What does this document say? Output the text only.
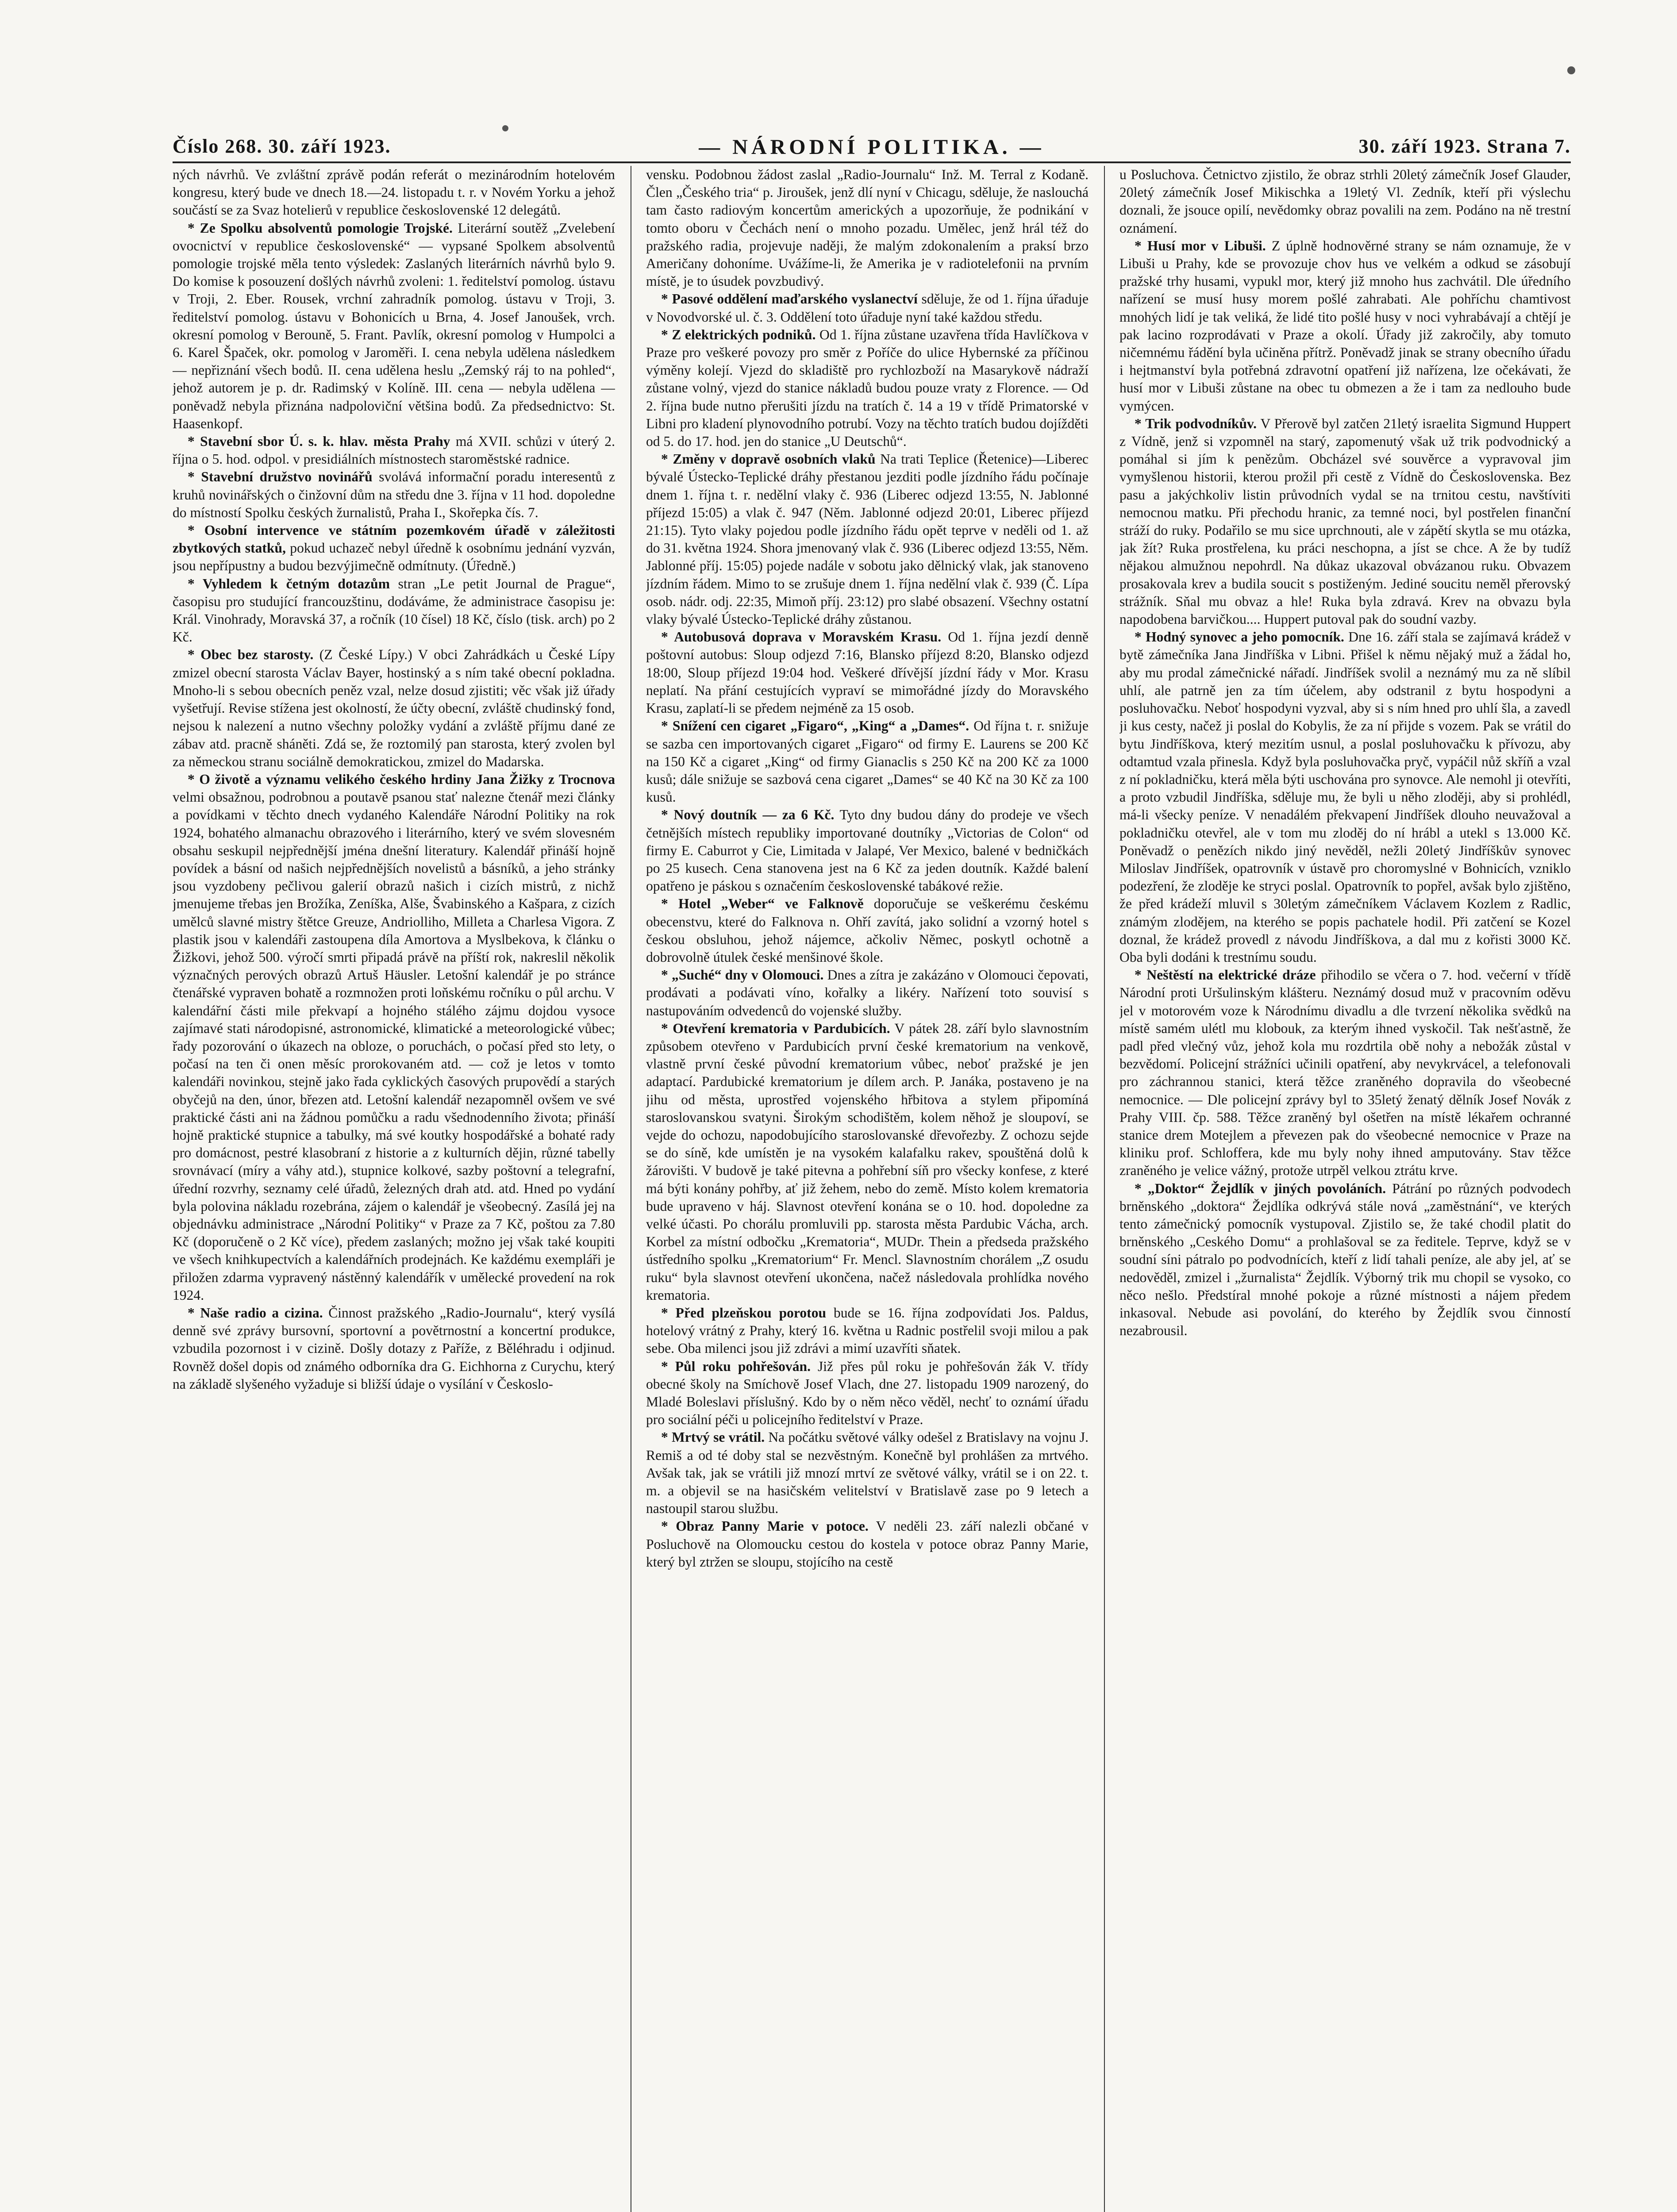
Číslo 268. 30. září 1923.	— NÁRODNÍ POLITIKA. —	30. září 1923. Strana 7.

ných návrhů. Ve zvláštní zprávě podán referát o mezinárodním hotelovém kongresu, který bude ve dnech 18.—24. listopadu t. r. v Novém Yorku a jehož součástí se za Svaz hotelierů v republice československé 12 delegátů.

* Ze Spolku absolventů pomologie Trojské. Literární soutěž „Zvelebení ovocnictví v republice československé“ — vypsané Spolkem absolventů pomologie trojské měla tento výsledek: Zaslaných literárních návrhů bylo 9. Do komise k posouzení došlých návrhů zvoleni: 1. ředitelství pomolog. ústavu v Troji, 2. Eber. Rousek, vrchní zahradník pomolog. ústavu v Troji, 3. ředitelství pomolog. ústavu v Bohonicích u Brna, 4. Josef Janoušek, vrch. okresní pomolog v Berouně, 5. Frant. Pavlík, okresní pomolog v Humpolci a 6. Karel Špaček, okr. pomolog v Jaroměři. I. cena nebyla udělena následkem — nepřiznání všech bodů. II. cena udělena heslu „Zemský ráj to na pohled“, jehož autorem je p. dr. Radimský v Kolíně. III. cena — nebyla udělena — poněvadž nebyla přiznána nadpoloviční většina bodů. Za předsednictvo: St. Haasenkopf.

* Stavební sbor Ú. s. k. hlav. města Prahy má XVII. schůzi v úterý 2. října o 5. hod. odpol. v presidiálních místnostech staroměstské radnice.

* Stavební družstvo novinářů svolává informační poradu interesentů z kruhů novinářských o činžovní dům na středu dne 3. října v 11 hod. dopoledne do místností Spolku českých žurnalistů, Praha I., Skořepka čís. 7.

* Osobní intervence ve státním pozemkovém úřadě v záležitosti zbytkových statků, pokud uchazeč nebyl úředně k osobnímu jednání vyzván, jsou nepřípustny a budou bezvýjimečně odmítnuty. (Úředně.)

* Vyhledem k četným dotazům stran „Le petit Journal de Prague“, časopisu pro studující francouzštinu, dodáváme, že administrace časopisu je: Král. Vinohrady, Moravská 37, a ročník (10 čísel) 18 Kč, číslo (tisk. arch) po 2 Kč.

* Obec bez starosty. (Z České Lípy.) V obci Zahrádkách u České Lípy zmizel obecní starosta Václav Bayer, hostinský a s ním také obecní pokladna. Mnoho-li s sebou obecních peněz vzal, nelze dosud zjistiti; věc však již úřady vyšetřují. Revise stížena jest okolností, že účty obecní, zvláště chudinský fond, nejsou k nalezení a nutno všechny položky vydání a zvláště příjmu dané ze zábav atd. pracně sháněti. Zdá se, že roztomilý pan starosta, který zvolen byl za německou stranu sociálně demokratickou, zmizel do Madarska.

* O životě a významu velikého českého hrdiny Jana Žižky z Trocnova velmi obsažnou, podrobnou a poutavě psanou stať nalezne čtenář mezi články a povídkami v těchto dnech vydaného Kalendáře Národní Politiky na rok 1924, bohatého almanachu obrazového i literárního, který ve svém slovesném obsahu seskupil nejpřednější jména dnešní literatury. Kalendář přináší hojně povídek a básní od našich nejpřednějších novelistů a básníků, a jeho stránky jsou vyzdobeny pečlivou galerií obrazů našich i cizích mistrů, z nichž jmenujeme třebas jen Brožíka, Zeníška, Alše, Švabinského a Kašpara, z cizích umělců slavné mistry štětce Greuze, Andriolliho, Milleta a Charlesa Vigora. Z plastik jsou v kalendáři zastoupena díla Amortova a Myslbekova, k článku o Žižkovi, jehož 500. výročí smrti připadá právě na příští rok, nakreslil několik význačných perových obrazů Artuš Häusler. Letošní kalendář je po stránce čtenářské vypraven bohatě a rozmnožen proti loňskému ročníku o půl archu. V kalendářní části mile překvapí a hojného stálého zájmu dojdou vysoce zajímavé stati národopisné, astronomické, klimatické a meteorologické vůbec; řady pozorování o úkazech na obloze, o poruchách, o počasí před sto lety, o počasí na ten či onen měsíc prorokovaném atd. — což je letos v tomto kalendáři novinkou, stejně jako řada cyklických časových prupovědí a starých obyčejů na den, únor, březen atd. Letošní kalendář nezapomněl ovšem ve své praktické části ani na žádnou pomůčku a radu všednodenního života; přináší hojně praktické stupnice a tabulky, má své koutky hospodářské a bohaté rady pro domácnost, pestré klasobraní z historie a z kulturních dějin, různé tabelly srovnávací (míry a váhy atd.), stupnice kolkové, sazby poštovní a telegrafní, úřední rozvrhy, seznamy celé úřadů, železných drah atd. atd. Hned po vydání byla polovina nákladu rozebrána, zájem o kalendář je všeobecný. Zasílá jej na objednávku administrace „Národní Politiky“ v Praze za 7 Kč, poštou za 7.80 Kč (doporučeně o 2 Kč více), předem zaslaných; možno jej však také koupiti ve všech knihkupectvích a kalendářních prodejnách. Ke každému exempláři je přiložen zdarma vypravený nástěnný kalendářík v umělecké provedení na rok 1924.

* Naše radio a cizina. Činnost pražského „Radio-Journalu“, který vysílá denně své zprávy bursovní, sportovní a povětrnostní a koncertní produkce, vzbudila pozornost i v cizině. Došly dotazy z Paříže, z Běléhradu i odjinud. Rovněž došel dopis od známého odborníka dra G. Eichhorna z Curychu, který na základě slyšeného vyžaduje si bližší údaje o vysílání v Českoslo-

vensku. Podobnou žádost zaslal „Radio-Journalu“ Inž. M. Terral z Kodaně. Člen „Českého tria“ p. Jiroušek, jenž dlí nyní v Chicagu, sděluje, že naslouchá tam často radiovým koncertům amerických a upozorňuje, že podnikání v tomto oboru v Čechách není o mnoho pozadu. Umělec, jenž hrál též do pražského radia, projevuje naději, že malým zdokonalením a praksí brzo Američany dohoníme. Uvážíme-li, že Amerika je v radiotelefonii na prvním místě, je to úsudek povzbudivý.

* Pasové oddělení maďarského vyslanectví sděluje, že od 1. října úřaduje v Novodvorské ul. č. 3. Oddělení toto úřaduje nyní také každou středu.

* Z elektrických podniků. Od 1. října zůstane uzavřena třída Havlíčkova v Praze pro veškeré povozy pro směr z Poříče do ulice Hybernské za příčinou výměny kolejí. Vjezd do skladiště pro rychlozboží na Masarykově nádraží zůstane volný, vjezd do stanice nákladů budou pouze vraty z Florence. — Od 2. října bude nutno přerušiti jízdu na tratích č. 14 a 19 v třídě Primatorské v Libni pro kladení plynovodního potrubí. Vozy na těchto tratích budou dojížděti od 5. do 17. hod. jen do stanice „U Deutschů“.

* Změny v dopravě osobních vlaků Na trati Teplice (Řetenice)—Liberec bývalé Ústecko-Teplické dráhy přestanou jezditi podle jízdního řádu počínaje dnem 1. října t. r. nedělní vlaky č. 936 (Liberec odjezd 13:55, N. Jablonné příjezd 15:05) a vlak č. 947 (Něm. Jablonné odjezd 20:01, Liberec příjezd 21:15). Tyto vlaky pojedou podle jízdního řádu opět teprve v neděli od 1. až do 31. května 1924. Shora jmenovaný vlak č. 936 (Liberec odjezd 13:55, Něm. Jablonné příj. 15:05) pojede nadále v sobotu jako dělnický vlak, jak stanoveno jízdním řádem. Mimo to se zrušuje dnem 1. října nedělní vlak č. 939 (Č. Lípa osob. nádr. odj. 22:35, Mimoň příj. 23:12) pro slabé obsazení. Všechny ostatní vlaky bývalé Ústecko-Teplické dráhy zůstanou.

* Autobusová doprava v Moravském Krasu. Od 1. října jezdí denně poštovní autobus: Sloup odjezd 7:16, Blansko příjezd 8:20, Blansko odjezd 18:00, Sloup příjezd 19:04 hod. Veškeré dřívější jízdní řády v Mor. Krasu neplatí. Na přání cestujících vypraví se mimořádné jízdy do Moravského Krasu, zaplatí-li se předem nejméně za 15 osob.

* Snížení cen cigaret „Figaro“, „King“ a „Dames“. Od října t. r. snižuje se sazba cen importovaných cigaret „Figaro“ od firmy E. Laurens se 200 Kč na 150 Kč a cigaret „King“ od firmy Gianaclis s 250 Kč na 200 Kč za 1000 kusů; dále snižuje se sazbová cena cigaret „Dames“ se 40 Kč na 30 Kč za 100 kusů.

* Nový doutník — za 6 Kč. Tyto dny budou dány do prodeje ve všech četnějších místech republiky importované doutníky „Victorias de Colon“ od firmy E. Caburrot y Cie, Limitada v Jalapé, Ver Mexico, balené v bedničkách po 25 kusech. Cena stanovena jest na 6 Kč za jeden doutník. Každé balení opatřeno je páskou s označením československé tabákové režie.

* Hotel „Weber“ ve Falknově doporučuje se veškerému českému obecenstvu, které do Falknova n. Ohří zavítá, jako solidní a vzorný hotel s českou obsluhou, jehož nájemce, ačkoliv Němec, poskytl ochotně a dobrovolně útulek české menšinové škole.

* „Suché“ dny v Olomouci. Dnes a zítra je zakázáno v Olomouci čepovati, prodávati a podávati víno, kořalky a likéry. Nařízení toto souvisí s nastupováním odvedenců do vojenské služby.

* Otevření krematoria v Pardubicích. V pátek 28. září bylo slavnostním způsobem otevřeno v Pardubicích první české krematorium na venkově, vlastně první české původní krematorium vůbec, neboť pražské je jen adaptací. Pardubické krematorium je dílem arch. P. Janáka, postaveno je na jihu od města, uprostřed vojenského hřbitova a stylem připomíná staroslovanskou svatyni. Širokým schodištěm, kolem něhož je sloupoví, se vejde do ochozu, napodobujícího staroslovanské dřevořezby. Z ochozu sejde se do síně, kde umístěn je na vysokém kalafalku rakev, spouštěná dolů k žárovišti. V budově je také pitevna a pohřební síň pro všecky konfese, z které má býti konány pohřby, ať již žehem, nebo do země. Místo kolem krematoria bude upraveno v háj. Slavnost otevření konána se o 10. hod. dopoledne za velké účasti. Po chorálu promluvili pp. starosta města Pardubic Vácha, arch. Korbel za místní odbočku „Krematoria“, MUDr. Thein a předseda pražského ústředního spolku „Krematorium“ Fr. Mencl. Slavnostním chorálem „Z osudu ruku“ byla slavnost otevření ukončena, načež následovala prohlídka nového krematoria.

* Před plzeňskou porotou bude se 16. října zodpovídati Jos. Paldus, hotelový vrátný z Prahy, který 16. května u Radnic postřelil svoji milou a pak sebe. Oba milenci jsou již zdrávi a mimí uzavříti sňatek.

* Půl roku pohřešován. Již přes půl roku je pohřešován žák V. třídy obecné školy na Smíchově Josef Vlach, dne 27. listopadu 1909 narozený, do Mladé Boleslavi příslušný. Kdo by o něm něco věděl, nechť to oznámí úřadu pro sociální péči u policejního ředitelství v Praze.

* Mrtvý se vrátil. Na počátku světové války odešel z Bratislavy na vojnu J. Remiš a od té doby stal se nezvěstným. Konečně byl prohlášen za mrtvého. Avšak tak, jak se vrátili již mnozí mrtví ze světové války, vrátil se i on 22. t. m. a objevil se na hasičském velitelství v Bratislavě zase po 9 letech a nastoupil starou službu.

* Obraz Panny Marie v potoce. V neděli 23. září nalezli občané v Posluchově na Olomoucku cestou do kostela v potoce obraz Panny Marie, který byl ztržen se sloupu, stojícího na cestě

u Posluchova. Četnictvo zjistilo, že obraz strhli 20letý zámečník Josef Glauder, 20letý zámečník Josef Mikischka a 19letý Vl. Zedník, kteří při výslechu doznali, že jsouce opilí, nevědomky obraz povalili na zem. Podáno na ně trestní oznámení.

* Husí mor v Libuši. Z úplně hodnověrné strany se nám oznamuje, že v Libuši u Prahy, kde se provozuje chov hus ve velkém a odkud se zásobují pražské trhy husami, vypukl mor, který již mnoho hus zachvátil. Dle úředního nařízení se musí husy morem pošlé zahrabati. Ale pohříchu chamtivost mnohých lidí je tak veliká, že lidé tito pošlé husy v noci vyhrabávají a chtějí je pak lacino rozprodávati v Praze a okolí. Úřady již zakročily, aby tomuto ničemnému řádění byla učiněna přítrž. Poněvadž jinak se strany obecního úřadu i hejtmanství byla potřebná zdravotní opatření již nařízena, lze očekávati, že husí mor v Libuši zůstane na obec tu obmezen a že i tam za nedlouho bude vymýcen.

* Trik podvodníkův. V Přerově byl zatčen 21letý israelita Sigmund Huppert z Vídně, jenž si vzpomněl na starý, zapomenutý však už trik podvodnický a pomáhal si jím k penězům. Obcházel své souvěrce a vypravoval jim vymyšlenou historii, kterou prožil při cestě z Vídně do Československa. Bez pasu a jakýchkoliv listin průvodních vydal se na trnitou cestu, navštíviti nemocnou matku. Při přechodu hranic, za temné noci, byl postřelen finanční stráží do ruky. Podařilo se mu sice uprchnouti, ale v zápětí skytla se mu otázka, jak žít? Ruka prostřelena, ku práci neschopna, a jíst se chce. A že by tudíž nějakou almužnou nepohrdl. Na důkaz ukazoval obvázanou ruku. Obvazem prosakovala krev a budila soucit s postiženým. Jediné soucitu neměl přerovský strážník. Sňal mu obvaz a hle! Ruka byla zdravá. Krev na obvazu byla napodobena barvičkou.... Huppert putoval pak do soudní vazby.

* Hodný synovec a jeho pomocník. Dne 16. září stala se zajímavá krádež v bytě zámečníka Jana Jindříška v Libni. Přišel k němu nějaký muž a žádal ho, aby mu prodal zámečnické nářadí. Jindříšek svolil a neznámý mu za ně slíbil uhlí, ale patrně jen za tím účelem, aby odstranil z bytu hospodyni a posluhovačku. Neboť hospodyni vyzval, aby si s ním hned pro uhlí šla, a zavedl ji kus cesty, načež ji poslal do Kobylis, že za ní přijde s vozem. Pak se vrátil do bytu Jindříškova, který mezitím usnul, a poslal posluhovačku k přívozu, aby odtamtud vzala přinesla. Když byla posluhovačka pryč, vypáčil nůž skříň a vzal z ní pokladničku, která měla býti uschována pro synovce. Ale nemohl ji otevříti, a proto vzbudil Jindříška, sděluje mu, že byli u něho zloději, aby si prohlédl, má-li všecky peníze. V nenadálém překvapení Jindříšek dlouho neuvažoval a pokladničku otevřel, ale v tom mu zloděj do ní hrábl a utekl s 13.000 Kč. Poněvadž o penězích nikdo jiný nevěděl, nežli 20letý Jindříškův synovec Miloslav Jindříšek, opatrovník v ústavě pro choromyslné v Bohnicích, vzniklo podezření, že zloděje ke stryci poslal. Opatrovník to popřel, avšak bylo zjištěno, že před krádeží mluvil s 30letým zámečníkem Václavem Kozlem z Radlic, známým zlodějem, na kterého se popis pachatele hodil. Při zatčení se Kozel doznal, že krádež provedl z návodu Jindříškova, a dal mu z kořisti 3000 Kč. Oba byli dodáni k trestnímu soudu.

* Neštěstí na elektrické dráze přihodilo se včera o 7. hod. večerní v třídě Národní proti Uršulinským klášteru. Neznámý dosud muž v pracovním oděvu jel v motorovém voze k Národnímu divadlu a dle tvrzení několika svědků na místě samém ulétl mu klobouk, za kterým ihned vyskočil. Tak nešťastně, že padl před vlečný vůz, jehož kola mu rozdrtila obě nohy a nebožák zůstal v bezvědomí. Policejní strážníci učinili opatření, aby nevykrvácel, a telefonovali pro záchrannou stanici, která těžce zraněného dopravila do všeobecné nemocnice. — Dle policejní zprávy byl to 35letý ženatý dělník Josef Novák z Prahy VIII. čp. 588. Těžce zraněný byl ošetřen na místě lékařem ochranné stanice drem Motejlem a převezen pak do všeobecné nemocnice v Praze na kliniku prof. Schloffera, kde mu byly nohy ihned amputovány. Stav těžce zraněného je velice vážný, protože utrpěl velkou ztrátu krve.

* „Doktor“ Žejdlík v jiných povoláních. Pátrání po různých podvodech brněnského „doktora“ Žejdlíka odkrývá stále nová „zaměstnání“, ve kterých tento zámečnický pomocník vystupoval. Zjistilo se, že také chodil platit do brněnského „Ceského Domu“ a prohlašoval se za ředitele. Teprve, když se v soudní síni pátralo po podvodnících, kteří z lidí tahali peníze, ale aby jel, ať se nedověděl, zmizel i „žurnalista“ Žejdlík. Výborný trik mu chopil se vysoko, co něco nešlo. Předstíral mnohé pokoje a různé místnosti a nájem předem inkasoval. Nebude asi povolání, do kterého by Žejdlík svou činností nezabrousil.
